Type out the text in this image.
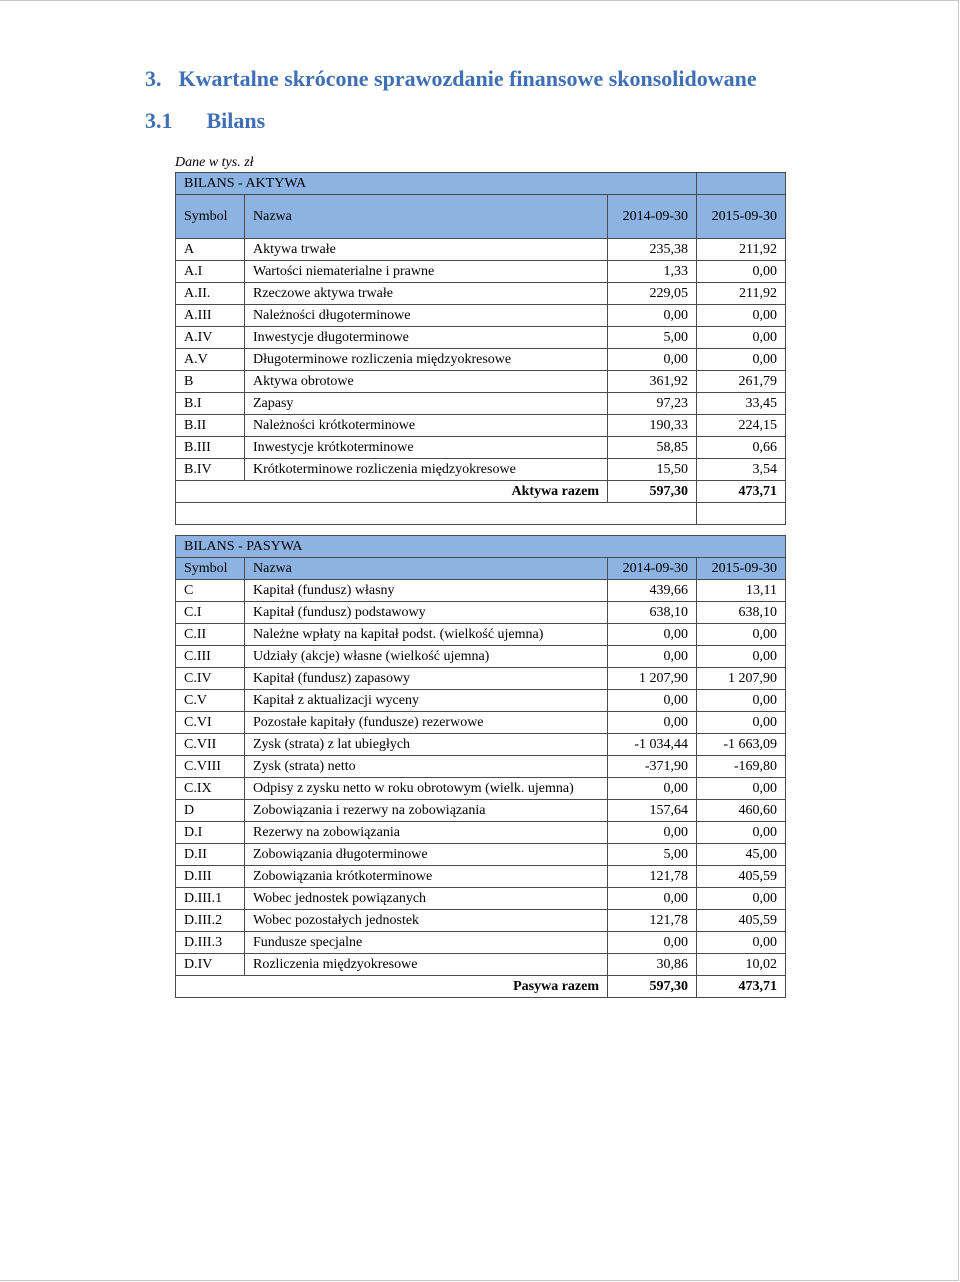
3. Kwartalne skrócone sprawozdanie finansowe skonsolidowane
3.1 Bilans
Dane w tys. zł
BILANS - AKTYWA			
Symbol	Nazwa	2014-09-30	2015-09-30
A	Aktywa trwałe	235,38	211,92
A.I	Wartości niematerialne i prawne	1,33	0,00
A.II.	Rzeczowe aktywa trwałe	229,05	211,92
A.III	Należności długoterminowe	0,00	0,00
A.IV	Inwestycje długoterminowe	5,00	0,00
A.V	Długoterminowe rozliczenia międzyokresowe	0,00	0,00
B	Aktywa obrotowe	361,92	261,79
B.I	Zapasy	97,23	33,45
B.II	Należności krótkoterminowe	190,33	224,15
B.III	Inwestycje krótkoterminowe	58,85	0,66
B.IV	Krótkoterminowe rozliczenia międzyokresowe	15,50	3,54
Aktywa razem		597,30	473,71

BILANS - PASYWA			
Symbol	Nazwa	2014-09-30	2015-09-30
C	Kapitał (fundusz) własny	439,66	13,11
C.I	Kapitał (fundusz) podstawowy	638,10	638,10
C.II	Należne wpłaty na kapitał podst. (wielkość ujemna)	0,00	0,00
C.III	Udziały (akcje) własne (wielkość ujemna)	0,00	0,00
C.IV	Kapitał (fundusz) zapasowy	1 207,90	1 207,90
C.V	Kapitał z aktualizacji wyceny	0,00	0,00
C.VI	Pozostałe kapitały (fundusze) rezerwowe	0,00	0,00
C.VII	Zysk (strata) z lat ubiegłych	-1 034,44	-1 663,09
C.VIII	Zysk (strata) netto	-371,90	-169,80
C.IX	Odpisy z zysku netto w roku obrotowym (wielk. ujemna)	0,00	0,00
D	Zobowiązania i rezerwy na zobowiązania	157,64	460,60
D.I	Rezerwy na zobowiązania	0,00	0,00
D.II	Zobowiązania długoterminowe	5,00	45,00
D.III	Zobowiązania krótkoterminowe	121,78	405,59
D.III.1	Wobec jednostek powiązanych	0,00	0,00
D.III.2	Wobec pozostałych jednostek	121,78	405,59
D.III.3	Fundusze specjalne	0,00	0,00
D.IV	Rozliczenia międzyokresowe	30,86	10,02
Pasywa razem		597,30	473,71
